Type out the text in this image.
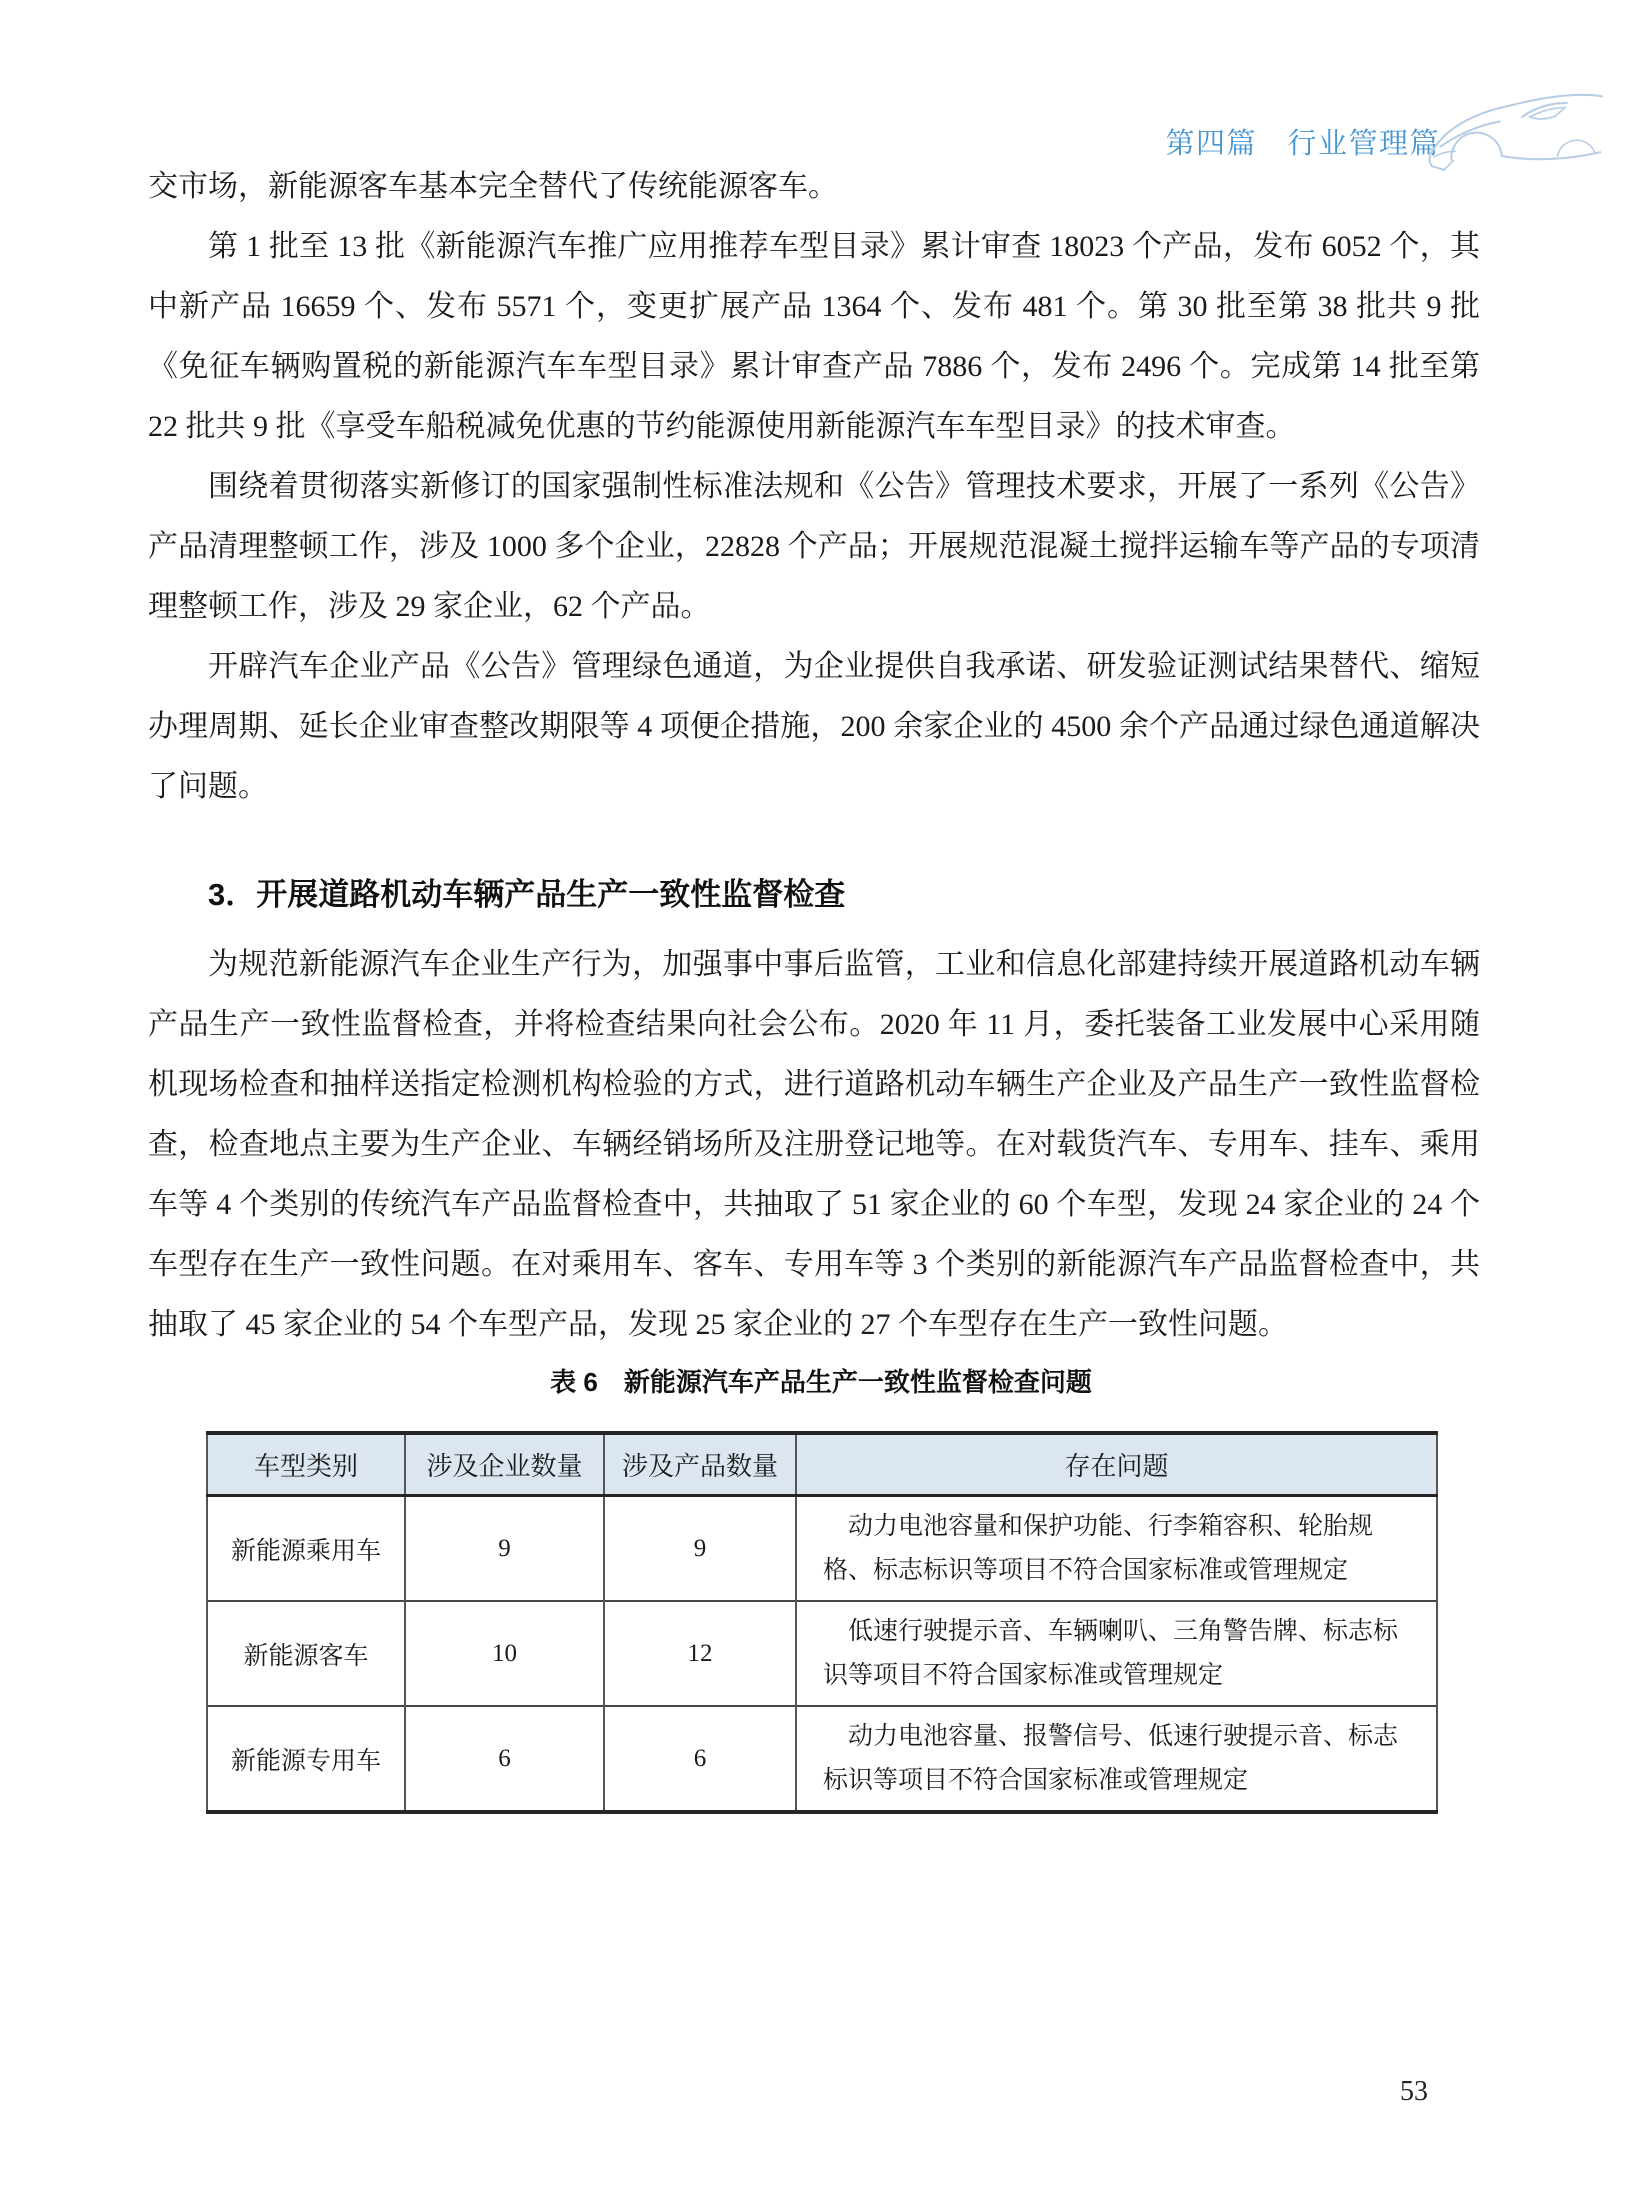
第四篇　行业管理篇

交市场，新能源客车基本完全替代了传统能源客车。

第 1 批至 13 批《新能源汽车推广应用推荐车型目录》累计审查 18023 个产品，发布 6052 个，其中新产品 16659 个、发布 5571 个，变更扩展产品 1364 个、发布 481 个。第 30 批至第 38 批共 9 批《免征车辆购置税的新能源汽车车型目录》累计审查产品 7886 个，发布 2496 个。完成第 14 批至第 22 批共 9 批《享受车船税减免优惠的节约能源使用新能源汽车车型目录》的技术审查。

围绕着贯彻落实新修订的国家强制性标准法规和《公告》管理技术要求，开展了一系列《公告》产品清理整顿工作，涉及 1000 多个企业，22828 个产品；开展规范混凝土搅拌运输车等产品的专项清理整顿工作，涉及 29 家企业，62 个产品。

开辟汽车企业产品《公告》管理绿色通道，为企业提供自我承诺、研发验证测试结果替代、缩短办理周期、延长企业审查整改期限等 4 项便企措施，200 余家企业的 4500 余个产品通过绿色通道解决了问题。

3．开展道路机动车辆产品生产一致性监督检查

为规范新能源汽车企业生产行为，加强事中事后监管，工业和信息化部建持续开展道路机动车辆产品生产一致性监督检查，并将检查结果向社会公布。2020 年 11 月，委托装备工业发展中心采用随机现场检查和抽样送指定检测机构检验的方式，进行道路机动车辆生产企业及产品生产一致性监督检查，检查地点主要为生产企业、车辆经销场所及注册登记地等。在对载货汽车、专用车、挂车、乘用车等 4 个类别的传统汽车产品监督检查中，共抽取了 51 家企业的 60 个车型，发现 24 家企业的 24 个车型存在生产一致性问题。在对乘用车、客车、专用车等 3 个类别的新能源汽车产品监督检查中，共抽取了 45 家企业的 54 个车型产品，发现 25 家企业的 27 个车型存在生产一致性问题。

表 6　新能源汽车产品生产一致性监督检查问题
车型类别	涉及企业数量	涉及产品数量	存在问题
新能源乘用车	9	9	动力电池容量和保护功能、行李箱容积、轮胎规格、标志标识等项目不符合国家标准或管理规定
新能源客车	10	12	低速行驶提示音、车辆喇叭、三角警告牌、标志标识等项目不符合国家标准或管理规定
新能源专用车	6	6	动力电池容量、报警信号、低速行驶提示音、标志标识等项目不符合国家标准或管理规定
53
